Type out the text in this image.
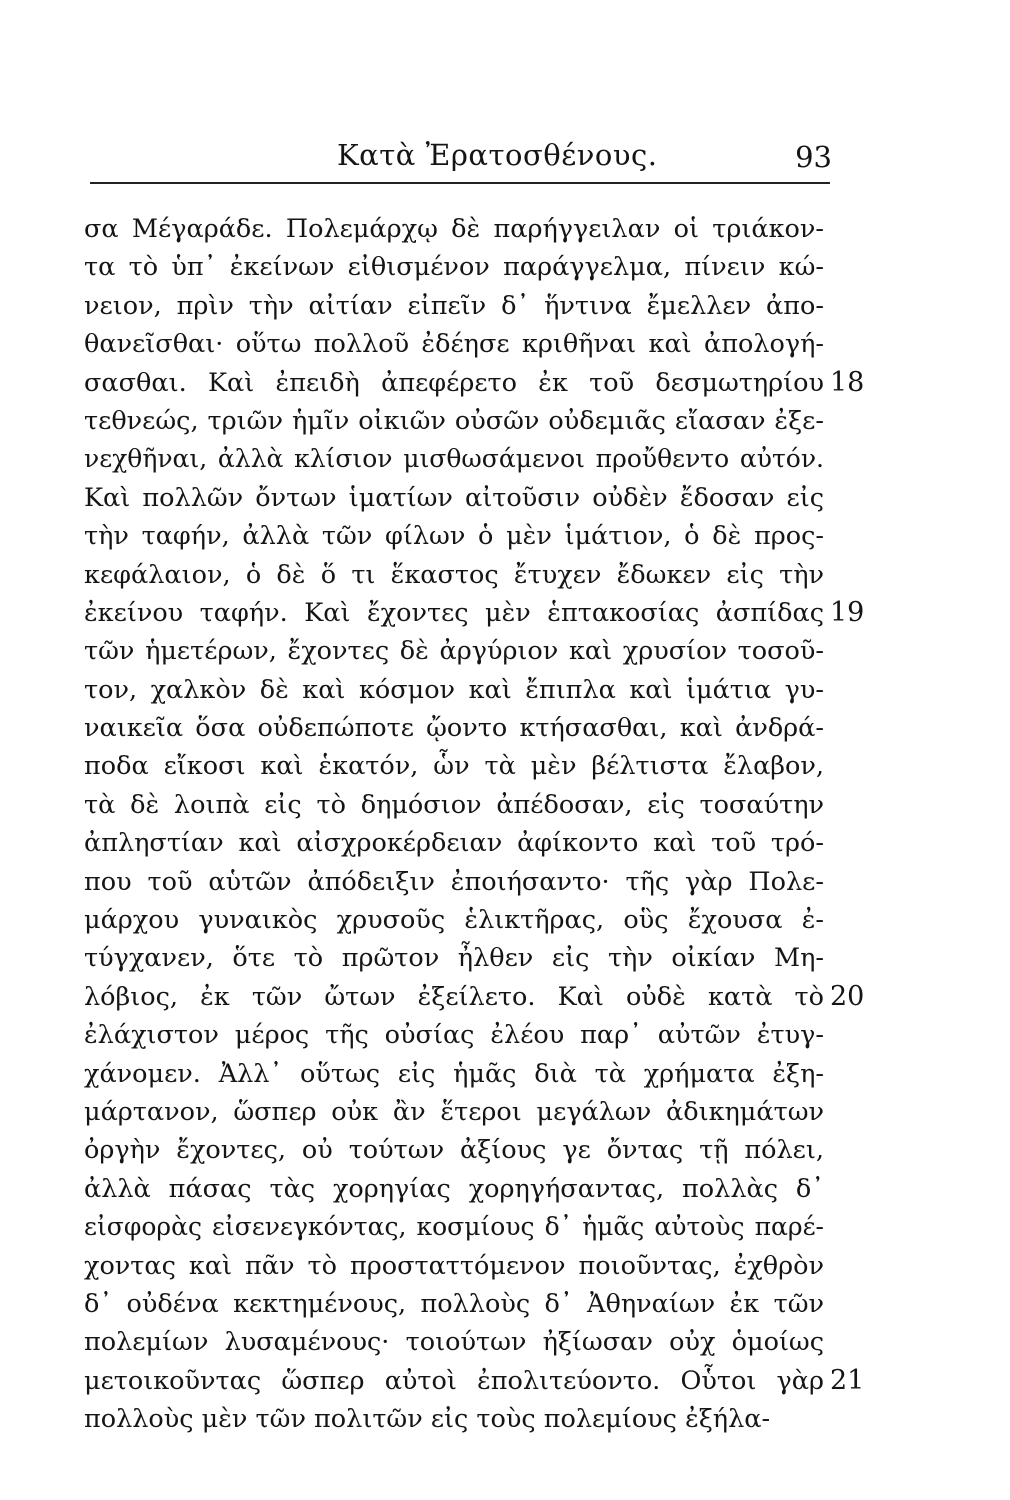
Κατὰ Ἐρατοσθένους.	93
σα Μέγαράδε. Πολεμάρχῳ δὲ παρήγγειλαν οἱ τριάκον-
τα τὸ ὑπ᾽ ἐκείνων εἰθισμένον παράγγελμα, πίνειν κώ-
νειον, πρὶν τὴν αἰτίαν εἰπεῖν δ᾽ ἥντινα ἔμελλεν ἀπο-
θανεῖσθαι· οὕτω πολλοῦ ἐδέησε κριθῆναι καὶ ἀπολογή-
σασθαι. Καὶ ἐπειδὴ ἀπεφέρετο ἐκ τοῦ δεσμωτηρίου 18
τεθνεώς, τριῶν ἡμῖν οἰκιῶν οὐσῶν οὐδεμιᾶς εἴασαν ἐξε-
νεχθῆναι, ἀλλὰ κλίσιον μισθωσάμενοι προὔθεντο αὐτόν.
Καὶ πολλῶν ὄντων ἱματίων αἰτοῦσιν οὐδὲν ἔδοσαν εἰς
τὴν ταφήν, ἀλλὰ τῶν φίλων ὁ μὲν ἱμάτιον, ὁ δὲ προς-
κεφάλαιον, ὁ δὲ ὅ τι ἕκαστος ἔτυχεν ἔδωκεν εἰς τὴν
ἐκείνου ταφήν. Καὶ ἔχοντες μὲν ἑπτακοσίας ἀσπίδας 19
τῶν ἡμετέρων, ἔχοντες δὲ ἀργύριον καὶ χρυσίον τοσοῦ-
τον, χαλκὸν δὲ καὶ κόσμον καὶ ἔπιπλα καὶ ἱμάτια γυ-
ναικεῖα ὅσα οὐδεπώποτε ᾤοντο κτήσασθαι, καὶ ἀνδρά-
ποδα εἴκοσι καὶ ἑκατόν, ὧν τὰ μὲν βέλτιστα ἔλαβον,
τὰ δὲ λοιπὰ εἰς τὸ δημόσιον ἀπέδοσαν, εἰς τοσαύτην
ἀπληστίαν καὶ αἰσχροκέρδειαν ἀφίκοντο καὶ τοῦ τρό-
που τοῦ αὑτῶν ἀπόδειξιν ἐποιήσαντο· τῆς γὰρ Πολε-
μάρχου γυναικὸς χρυσοῦς ἑλικτῆρας, οὓς ἔχουσα ἐ-
τύγχανεν, ὅτε τὸ πρῶτον ἦλθεν εἰς τὴν οἰκίαν Μη-
λόβιος, ἐκ τῶν ὤτων ἐξείλετο. Καὶ οὐδὲ κατὰ τὸ 20
ἐλάχιστον μέρος τῆς οὐσίας ἐλέου παρ᾽ αὐτῶν ἐτυγ-
χάνομεν. Ἀλλ᾽ οὕτως εἰς ἡμᾶς διὰ τὰ χρήματα ἐξη-
μάρτανον, ὥσπερ οὐκ ἂν ἕτεροι μεγάλων ἀδικημάτων
ὀργὴν ἔχοντες, οὐ τούτων ἀξίους γε ὄντας τῇ πόλει,
ἀλλὰ πάσας τὰς χορηγίας χορηγήσαντας, πολλὰς δ᾽
εἰσφορὰς εἰσενεγκόντας, κοσμίους δ᾽ ἡμᾶς αὐτοὺς παρέ-
χοντας καὶ πᾶν τὸ προσταττόμενον ποιοῦντας, ἐχθρὸν
δ᾽ οὐδένα κεκτημένους, πολλοὺς δ᾽ Ἀθηναίων ἐκ τῶν
πολεμίων λυσαμένους· τοιούτων ἠξίωσαν οὐχ ὁμοίως
μετοικοῦντας ὥσπερ αὐτοὶ ἐπολιτεύοντο. Οὗτοι γὰρ 21
πολλοὺς μὲν τῶν πολιτῶν εἰς τοὺς πολεμίους ἐξήλα-
